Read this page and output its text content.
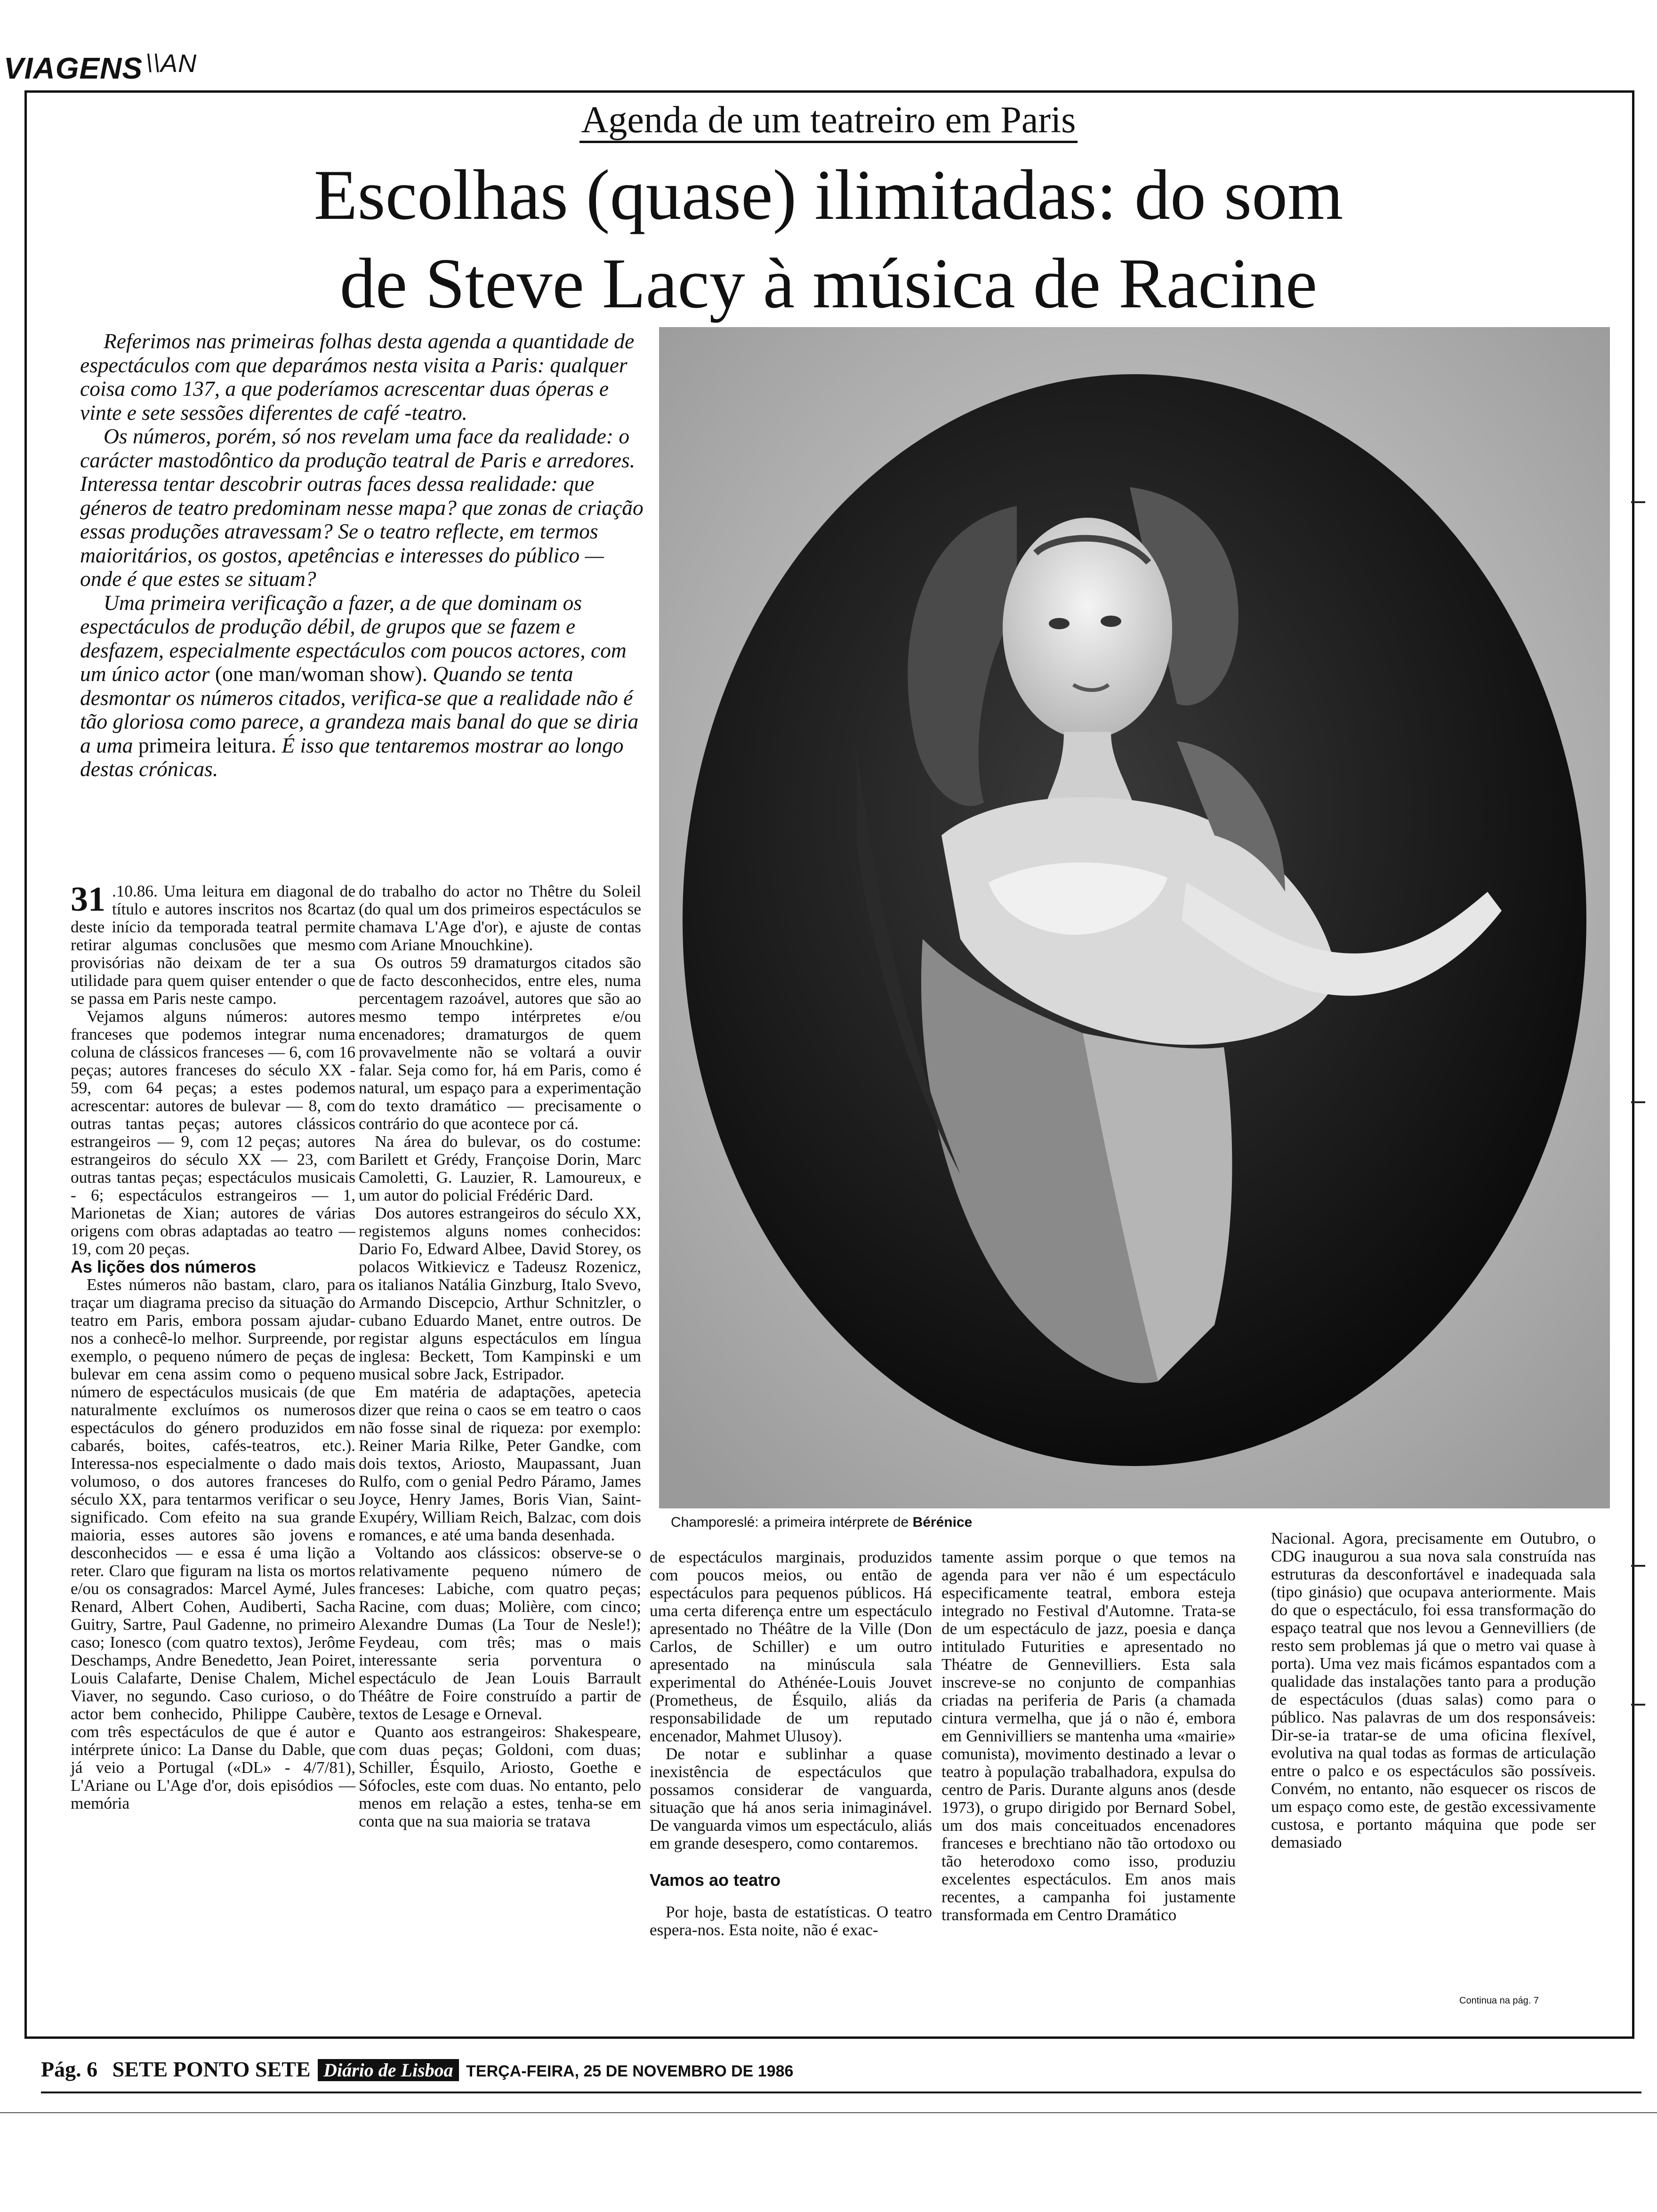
VIAGENS $^{\backslash\backslash AN}$
Agenda de um teatreiro em Paris
Escolhas (quase) ilimitadas: do som
de Steve Lacy à música de Racine

Referimos nas primeiras folhas desta agenda a quantidade de espectáculos com que deparámos nesta visita a Paris: qualquer coisa como 137, a que poderíamos acrescentar duas óperas e vinte e sete sessões diferentes de café -teatro.

Os números, porém, só nos revelam uma face da realidade: o carácter mastodôntico da produção teatral de Paris e arredores. Interessa tentar descobrir outras faces dessa realidade: que géneros de teatro predominam nesse mapa? que zonas de criação essas produções atravessam? Se o teatro reflecte, em termos maioritários, os gostos, apetências e interesses do público — onde é que estes se situam?

Uma primeira verificação a fazer, a de que dominam os espectáculos de produção débil, de grupos que se fazem e desfazem, especialmente espectáculos com poucos actores, com um único actor (one man/woman show). Quando se tenta desmontar os números citados, verifica-se que a realidade não é tão gloriosa como parece, a grandeza mais banal do que se diria a uma primeira leitura. É isso que tentaremos mostrar ao longo destas crónicas.

Champoreslé: a primeira intérprete de Bérénice

31 .10.86. Uma leitura em diagonal de título e autores inscritos nos 8cartaz deste início da temporada teatral permite retirar algumas conclusões que mesmo provisórias não deixam de ter a sua utilidade para quem quiser entender o que se passa em Paris neste campo.

Vejamos alguns números: autores franceses que podemos integrar numa coluna de clássicos franceses — 6, com 16 peças; autores franceses do século XX - 59, com 64 peças; a estes podemos acrescentar: autores de bulevar — 8, com outras tantas peças; autores clássicos estrangeiros — 9, com 12 peças; autores estrangeiros do século XX — 23, com outras tantas peças; espectáculos musicais - 6; espectáculos estrangeiros — 1, Marionetas de Xian; autores de várias origens com obras adaptadas ao teatro — 19, com 20 peças.

As lições dos números

Estes números não bastam, claro, para traçar um diagrama preciso da situação do teatro em Paris, embora possam ajudar-nos a conhecê-lo melhor. Surpreende, por exemplo, o pequeno número de peças de bulevar em cena assim como o pequeno número de espectáculos musicais (de que naturalmente excluímos os numerosos espectáculos do género produzidos em cabarés, boites, cafés-teatros, etc.). Interessa-nos especialmente o dado mais volumoso, o dos autores franceses do século XX, para tentarmos verificar o seu significado. Com efeito na sua grande maioria, esses autores são jovens e desconhecidos — e essa é uma lição a reter. Claro que figuram na lista os mortos e/ou os consagrados: Marcel Aymé, Jules Renard, Albert Cohen, Audiberti, Sacha Guitry, Sartre, Paul Gadenne, no primeiro caso; Ionesco (com quatro textos), Jerôme Deschamps, Andre Benedetto, Jean Poiret, Louis Calafarte, Denise Chalem, Michel Viaver, no segundo. Caso curioso, o do actor bem conhecido, Philippe Caubère, com três espectáculos de que é autor e intérprete único: La Danse du Dable, que já veio a Portugal («DL» - 4/7/81), L'Ariane ou L'Age d'or, dois episódios — memória

do trabalho do actor no Thêtre du Soleil (do qual um dos primeiros espectáculos se chamava L'Age d'or), e ajuste de contas com Ariane Mnouchkine).

Os outros 59 dramaturgos citados são de facto desconhecidos, entre eles, numa percentagem razoável, autores que são ao mesmo tempo intérpretes e/ou encenadores; dramaturgos de quem provavelmente não se voltará a ouvir falar. Seja como for, há em Paris, como é natural, um espaço para a experimentação do texto dramático — precisamente o contrário do que acontece por cá.

Na área do bulevar, os do costume: Barilett et Grédy, Françoise Dorin, Marc Camoletti, G. Lauzier, R. Lamoureux, e um autor do policial Frédéric Dard.

Dos autores estrangeiros do século XX, registemos alguns nomes conhecidos: Dario Fo, Edward Albee, David Storey, os polacos Witkievicz e Tadeusz Rozenicz, os italianos Natália Ginzburg, Italo Svevo, Armando Discepcio, Arthur Schnitzler, o cubano Eduardo Manet, entre outros. De registar alguns espectáculos em língua inglesa: Beckett, Tom Kampinski e um musical sobre Jack, Estripador.

Em matéria de adaptações, apetecia dizer que reina o caos se em teatro o caos não fosse sinal de riqueza: por exemplo: Reiner Maria Rilke, Peter Gandke, com dois textos, Ariosto, Maupassant, Juan Rulfo, com o genial Pedro Páramo, James Joyce, Henry James, Boris Vian, Saint-Exupéry, William Reich, Balzac, com dois romances, e até uma banda desenhada.

Voltando aos clássicos: observe-se o relativamente pequeno número de franceses: Labiche, com quatro peças; Racine, com duas; Molière, com cinco; Alexandre Dumas (La Tour de Nesle!); Feydeau, com três; mas o mais interessante seria porventura o espectáculo de Jean Louis Barrault Théâtre de Foire construído a partir de textos de Lesage e Orneval.

Quanto aos estrangeiros: Shakespeare, com duas peças; Goldoni, com duas; Schiller, Ésquilo, Ariosto, Goethe e Sófocles, este com duas. No entanto, pelo menos em relação a estes, tenha-se em conta que na sua maioria se tratava

de espectáculos marginais, produzidos com poucos meios, ou então de espectáculos para pequenos públicos. Há uma certa diferença entre um espectáculo apresentado no Théâtre de la Ville (Don Carlos, de Schiller) e um outro apresentado na minúscula sala experimental do Athénée-Louis Jouvet (Prometheus, de Ésquilo, aliás da responsabilidade de um reputado encenador, Mahmet Ulusoy).

De notar e sublinhar a quase inexistência de espectáculos que possamos considerar de vanguarda, situação que há anos seria inimaginável. De vanguarda vimos um espectáculo, aliás em grande desespero, como contaremos.

Vamos ao teatro

Por hoje, basta de estatísticas. O teatro espera-nos. Esta noite, não é exac-

tamente assim porque o que temos na agenda para ver não é um espectáculo especificamente teatral, embora esteja integrado no Festival d'Automne. Trata-se de um espectáculo de jazz, poesia e dança intitulado Futurities e apresentado no Théatre de Gennevilliers. Esta sala inscreve-se no conjunto de companhias criadas na periferia de Paris (a chamada cintura vermelha, que já o não é, embora em Gennivilliers se mantenha uma «mairie» comunista), movimento destinado a levar o teatro à população trabalhadora, expulsa do centro de Paris. Durante alguns anos (desde 1973), o grupo dirigido por Bernard Sobel, um dos mais conceituados encenadores franceses e brechtiano não tão ortodoxo ou tão heterodoxo como isso, produziu excelentes espectáculos. Em anos mais recentes, a campanha foi justamente transformada em Centro Dramático

Nacional. Agora, precisamente em Outubro, o CDG inaugurou a sua nova sala construída nas estruturas da desconfortável e inadequada sala (tipo ginásio) que ocupava anteriormente. Mais do que o espectáculo, foi essa transformação do espaço teatral que nos levou a Gennevilliers (de resto sem problemas já que o metro vai quase à porta). Uma vez mais ficámos espantados com a qualidade das instalações tanto para a produção de espectáculos (duas salas) como para o público. Nas palavras de um dos responsáveis: Dir-se-ia tratar-se de uma oficina flexível, evolutiva na qual todas as formas de articulação entre o palco e os espectáculos são possíveis. Convém, no entanto, não esquecer os riscos de um espaço como este, de gestão excessivamente custosa, e portanto máquina que pode ser demasiado

Continua na pág. 7
Pág. 6 SETE PONTO SETE Diário de Lisboa TERÇA-FEIRA, 25 DE NOVEMBRO DE 1986
